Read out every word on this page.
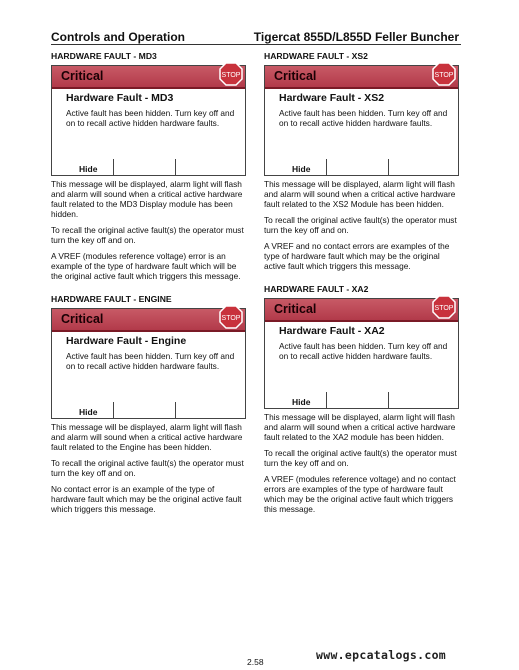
Controls and Operation	Tigercat 855D/L855D Feller Buncher
HARDWARE FAULT - MD3
Critical	STOP
Hardware Fault - MD3
Active fault has been hidden. Turn key off and on to recall active hidden hardware faults.
Hide

This message will be displayed, alarm light will flash and alarm will sound when a critical active hardware fault related to the MD3 Display module has been hidden.

To recall the original active fault(s) the operator must turn the key off and on.

A VREF (modules reference voltage) error is an example of the type of hardware fault which will be the original active fault which triggers this message.

HARDWARE FAULT - ENGINE
Critical	STOP
Hardware Fault - Engine
Active fault has been hidden. Turn key off and on to recall active hidden hardware faults.
Hide

This message will be displayed, alarm light will flash and alarm will sound when a critical active hardware fault related to the Engine has been hidden.

To recall the original active fault(s) the operator must turn the key off and on.

No contact error is an example of the type of hardware fault which may be the original active fault which triggers this message.

HARDWARE FAULT - XS2
Critical	STOP
Hardware Fault - XS2
Active fault has been hidden. Turn key off and on to recall active hidden hardware faults.
Hide

This message will be displayed, alarm light will flash and alarm will sound when a critical active hardware fault related to the XS2 Module has been hidden.

To recall the original active fault(s) the operator must turn the key off and on.

A VREF and no contact errors are examples of the type of hardware fault which may be the original active fault which triggers this message.

HARDWARE FAULT - XA2
Critical	STOP
Hardware Fault - XA2
Active fault has been hidden. Turn key off and on to recall active hidden hardware faults.
Hide

This message will be displayed, alarm light will flash and alarm will sound when a critical active hardware fault related to the XA2 module has been hidden.

To recall the original active fault(s) the operator must turn the key off and on.

A VREF (modules reference voltage) and no contact errors are examples of the type of hardware fault which may be the original active fault which triggers this message.

2.58	www.epcatalogs.com
